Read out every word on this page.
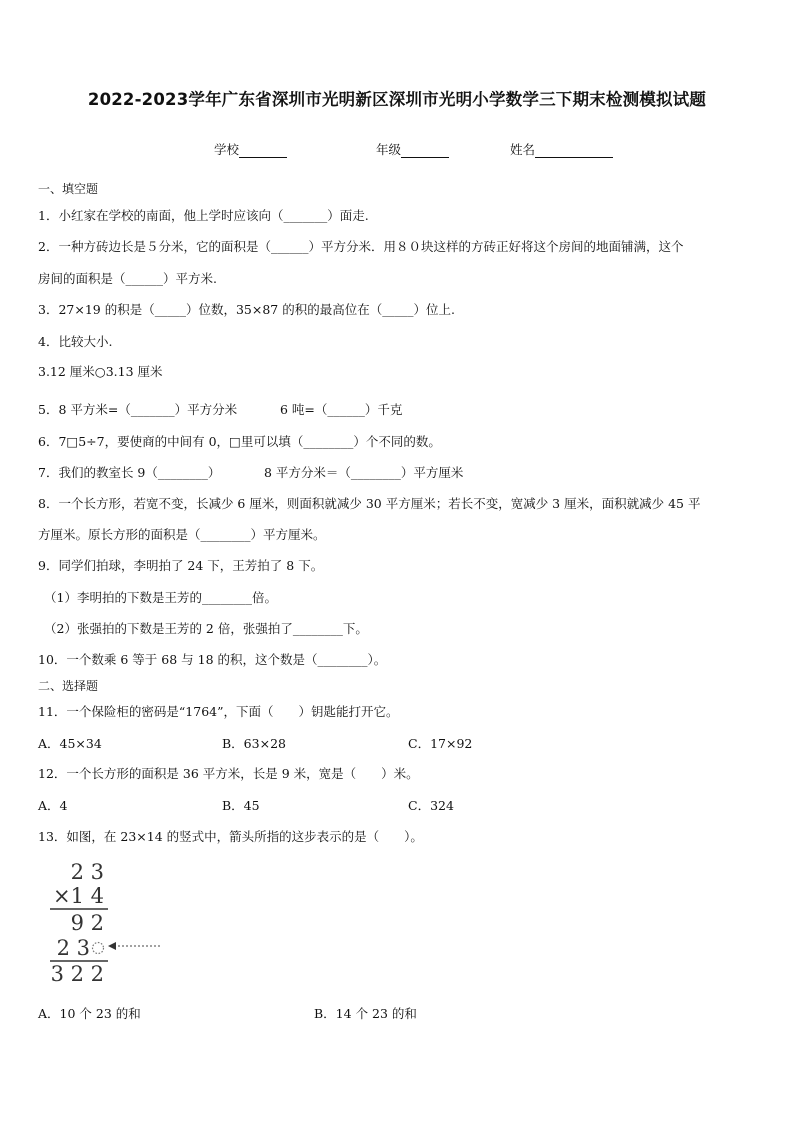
2022-2023学年广东省深圳市光明新区深圳市光明小学数学三下期末检测模拟试题
学校	年级	姓名
一、填空题
1．小红家在学校的南面，他上学时应该向（_______）面走.
2．一种方砖边长是５分米，它的面积是（______）平方分米．用８０块这样的方砖正好将这个房间的地面铺满，这个
房间的面积是（______）平方米.
3．27×19 的积是（_____）位数，35×87 的积的最高位在（_____）位上.
4．比较大小.
3.12 厘米○3.13 厘米
5．8 平方米=（_______）平方分米	6 吨=（______）千克
6．7□5÷7，要使商的中间有 0，□里可以填（________）个不同的数。
7．我们的教室长 9（________）	8 平方分米＝（________）平方厘米
8．一个长方形，若宽不变，长减少 6 厘米，则面积就减少 30 平方厘米；若长不变，宽减少 3 厘米，面积就减少 45 平
方厘米。原长方形的面积是（________）平方厘米。
9．同学们拍球，李明拍了 24 下，王芳拍了 8 下。
（1）李明拍的下数是王芳的________倍。
（2）张强拍的下数是王芳的 2 倍，张强拍了________下。
10．一个数乘 6 等于 68 与 18 的积，这个数是（________）。
二、选择题
11．一个保险柜的密码是“1764”，下面（　　）钥匙能打开它。
A．45×34	B．63×28	C．17×92
12．一个长方形的面积是 36 平方米，长是 9 米，宽是（　　）米。
A．4	B．45	C．324
13．如图，在 23×14 的竖式中，箭头所指的这步表示的是（　　）。
2 3
×1 4
9 2
2 3
3 2 2
A．10 个 23 的和	B．14 个 23 的和
